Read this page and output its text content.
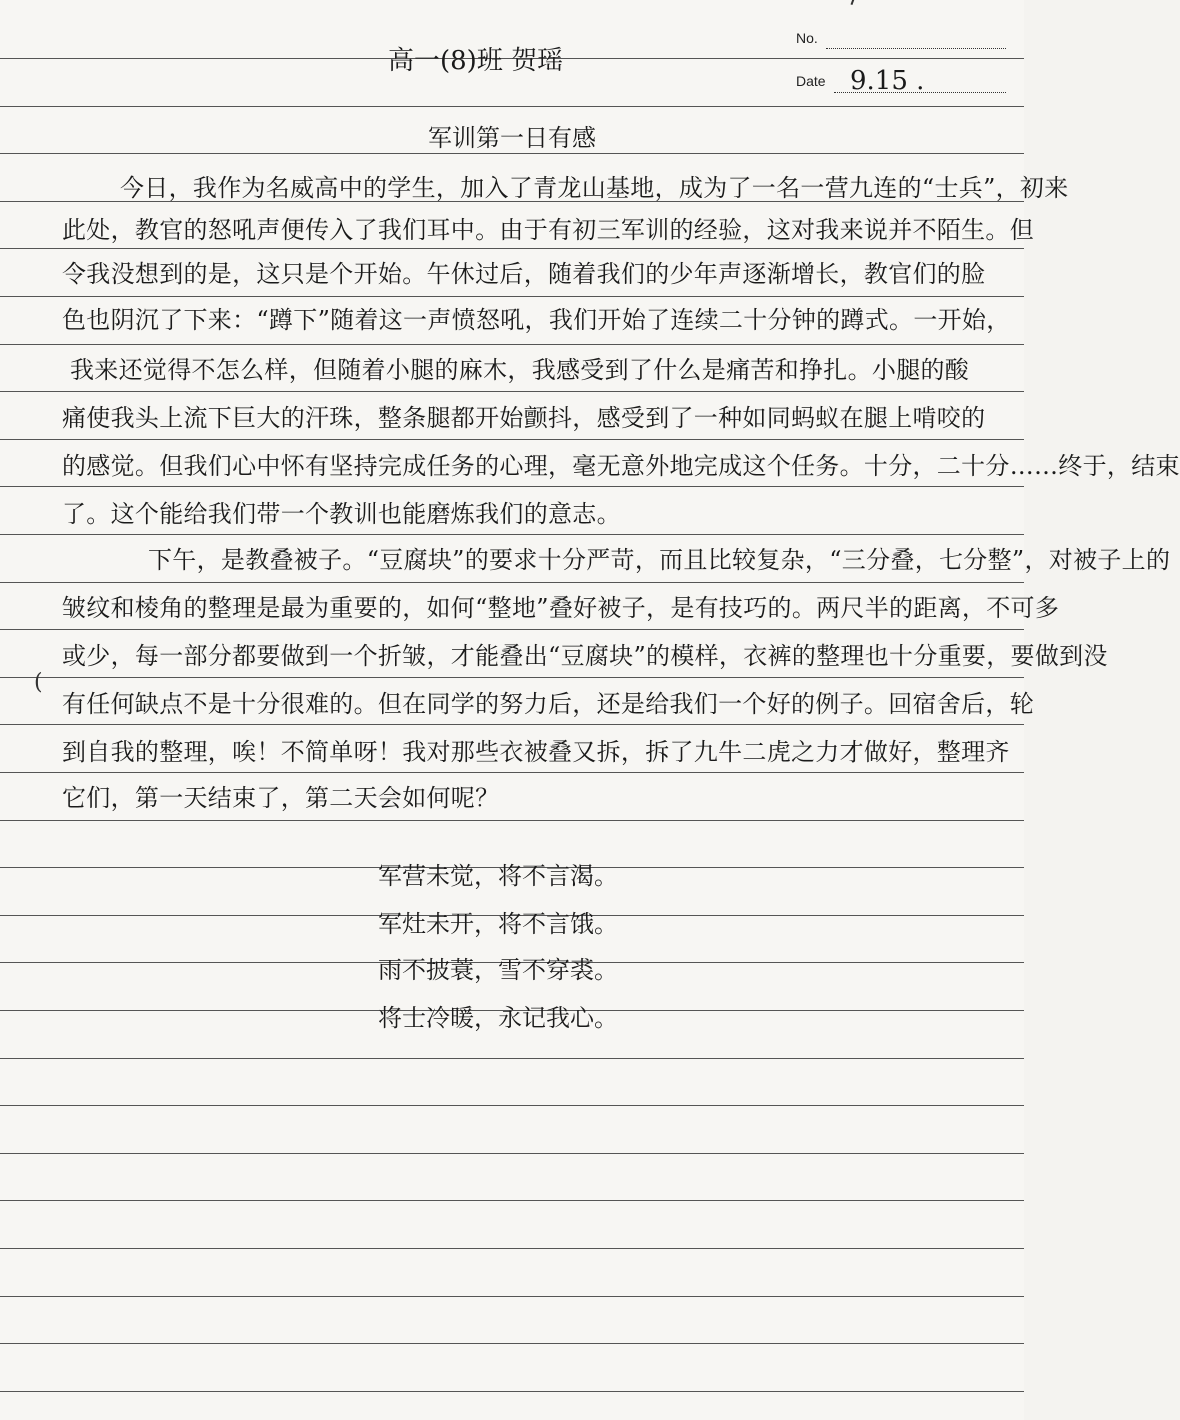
高一(8)班 贺瑶
No.
Date 9.15 .
军训第一日有感
今日，我作为名威高中的学生，加入了青龙山基地，成为了一名一营九连的“士兵”，初来
此处，教官的怒吼声便传入了我们耳中。由于有初三军训的经验，这对我来说并不陌生。但
令我没想到的是，这只是个开始。午休过后，随着我们的少年声逐渐增长，教官们的脸
色也阴沉了下来：“蹲下”随着这一声愤怒吼，我们开始了连续二十分钟的蹲式。一开始，
我来还觉得不怎么样，但随着小腿的麻木，我感受到了什么是痛苦和挣扎。小腿的酸
痛使我头上流下巨大的汗珠，整条腿都开始颤抖，感受到了一种如同蚂蚁在腿上啃咬的
的感觉。但我们心中怀有坚持完成任务的心理，毫无意外地完成这个任务。十分，二十分……终于，结束
了。这个能给我们带一个教训也能磨炼我们的意志。
下午，是教叠被子。“豆腐块”的要求十分严苛，而且比较复杂，“三分叠，七分整”，对被子上的
皱纹和棱角的整理是最为重要的，如何“整地”叠好被子，是有技巧的。两尺半的距离，不可多
或少，每一部分都要做到一个折皱，才能叠出“豆腐块”的模样，衣裤的整理也十分重要，要做到没
有任何缺点不是十分很难的。但在同学的努力后，还是给我们一个好的例子。回宿舍后，轮
到自我的整理，唉！不简单呀！我对那些衣被叠又拆，拆了九牛二虎之力才做好，整理齐
它们，第一天结束了，第二天会如何呢？
(
军营未觉，将不言渴。
军灶未开，将不言饿。
雨不披蓑，雪不穿裘。
将士冷暖，永记我心。
